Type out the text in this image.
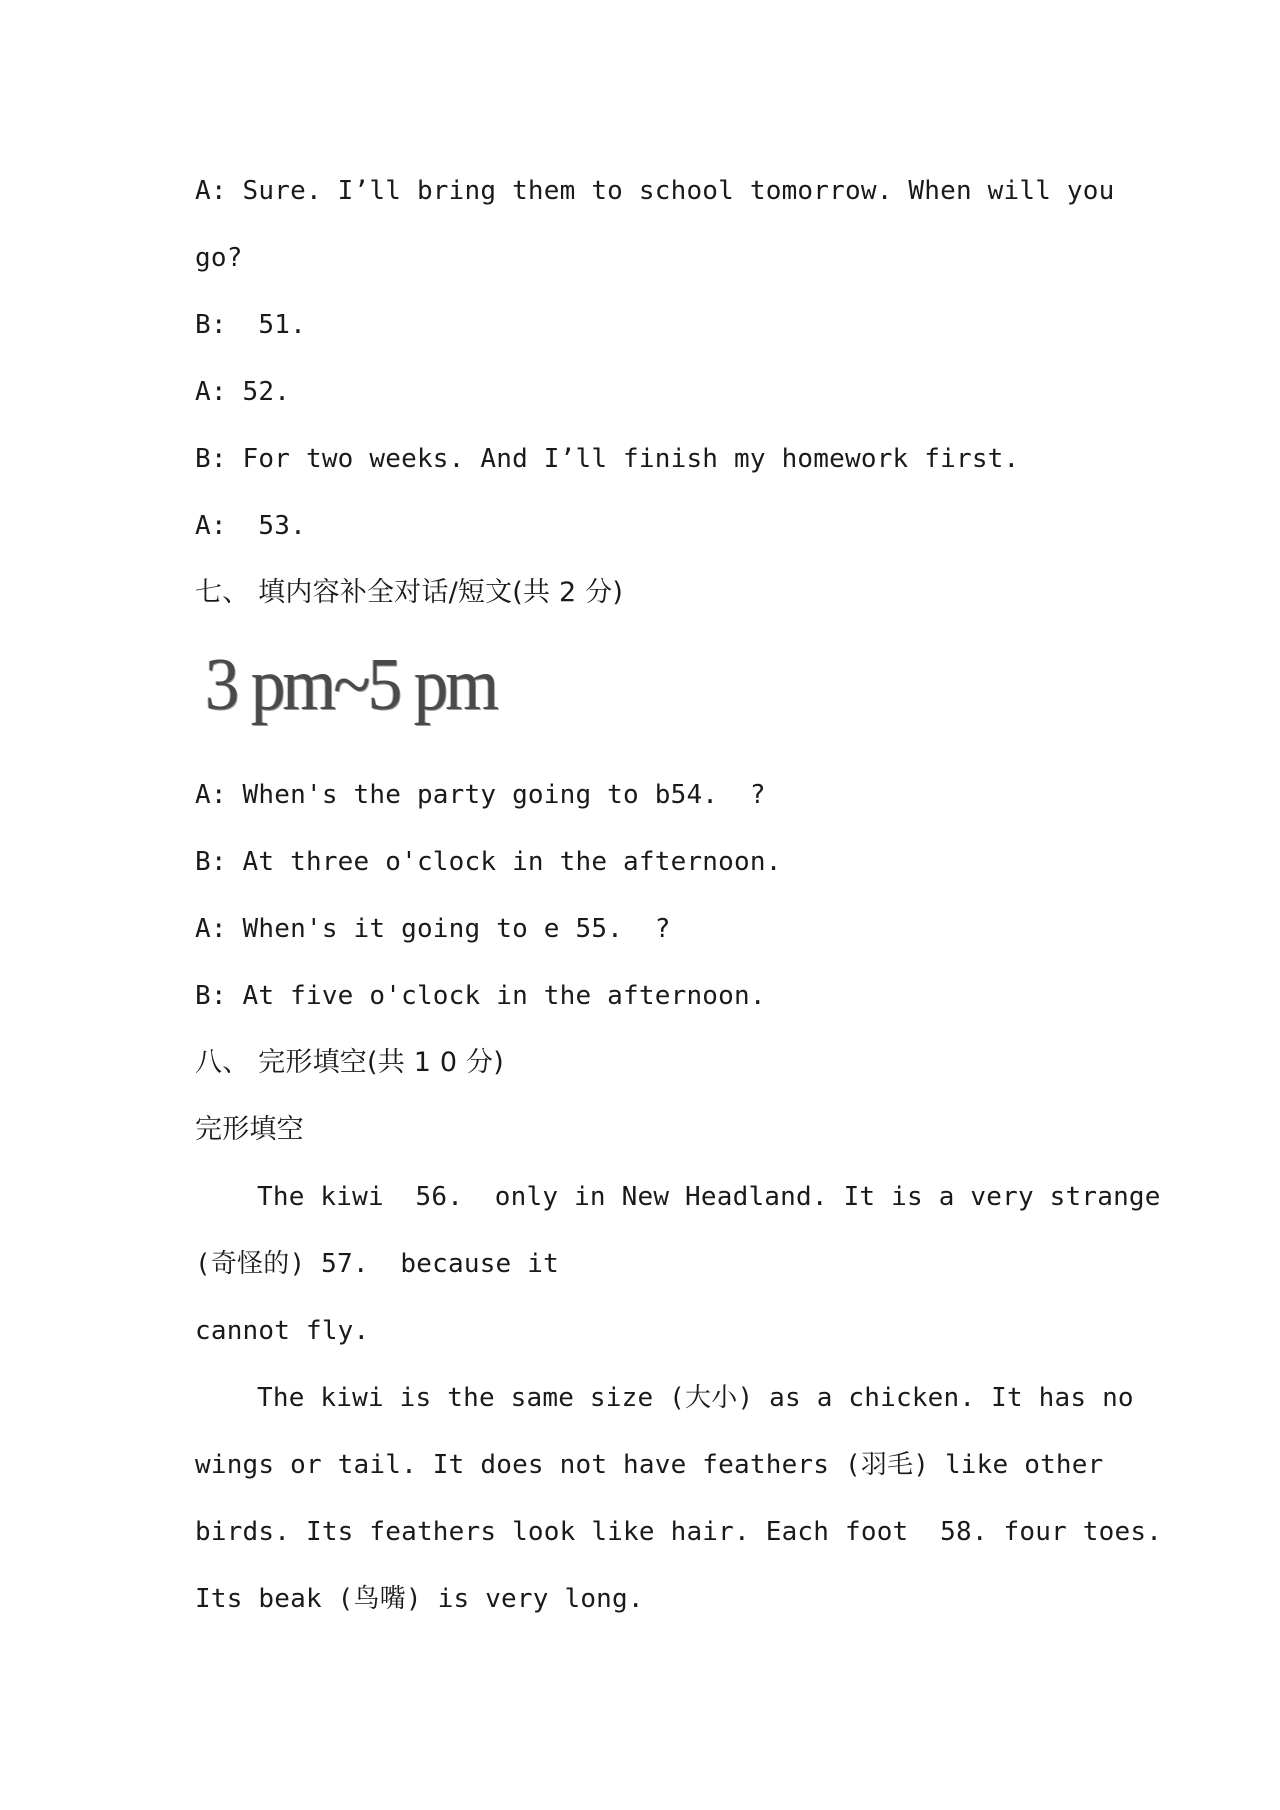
A: Sure. I’ll bring them to school tomorrow. When will you
go?
B:  51.
A: 52.
B: For two weeks. And I’ll finish my homework first.
A:  53.
七、 填内容补全对话/短文(共 2 分)
3 pm~5 pm
A: When's the party going to b54.  ?
B: At three o'clock in the afternoon.
A: When's it going to e 55.  ?
B: At five o'clock in the afternoon.
八、 完形填空(共 1 0 分)
完形填空
The kiwi  56.  only in New Headland. It is a very strange
(奇怪的) 57.  because it
cannot fly.
The kiwi is the same size (大小) as a chicken. It has no
wings or tail. It does not have feathers (羽毛) like other
birds. Its feathers look like hair. Each foot  58. four toes.
Its beak (鸟嘴) is very long.
